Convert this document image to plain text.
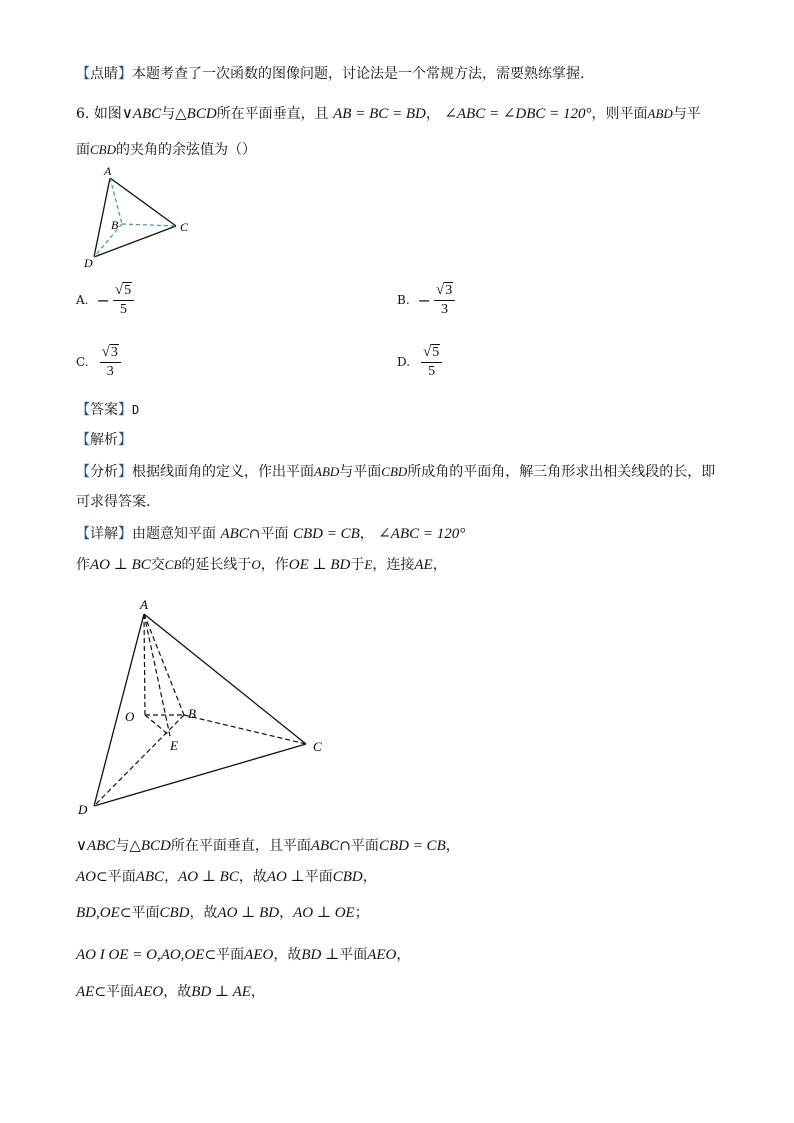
【点睛】本题考查了一次函数的图像问题，讨论法是一个常规方法，需要熟练掌握.
6. 如图∨ABC与△BCD所在平面垂直，且 AB = BC = BD， ∠ABC = ∠DBC = 120°，则平面ABD与平
面CBD的夹角的余弦值为（）
A
B	C
D
A. − $\frac{√ 5}{5}$	B. − $\frac{√ 3}{3}$
C. $\frac{√ 3}{3}$	D. $\frac{√ 5}{5}$
【答案】D
【解析】
【分析】根据线面角的定义，作出平面ABD与平面CBD所成角的平面角，解三角形求出相关线段的长，即
可求得答案.
【详解】由题意知平面 ABC∩平面 CBD = CB， ∠ABC = 120°
作AO ⊥ BC交CB的延长线于O，作OE ⊥ BD于E，连接AE，
A
O	B
E	C
D
∨ABC与△BCD所在平面垂直，且平面ABC∩平面CBD = CB，
AO⊂平面ABC，AO ⊥ BC，故AO ⊥平面CBD，
BD,OE⊂平面CBD，故AO ⊥ BD，AO ⊥ OE；
AO I OE = O,AO,OE⊂平面AEO，故BD ⊥平面AEO，
AE⊂平面AEO，故BD ⊥ AE，
